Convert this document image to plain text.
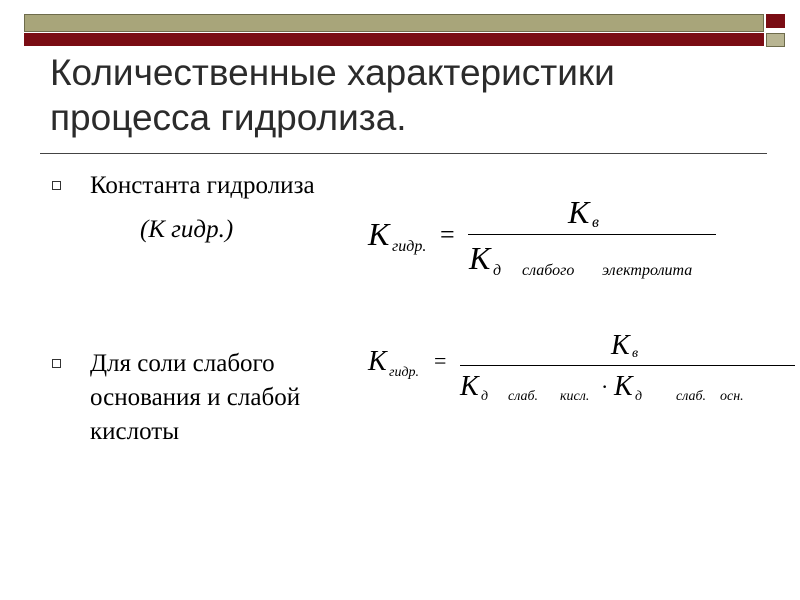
Количественные характеристики процесса гидролиза.
Константа гидролиза
(К гидр.)	К гидр. =
К в
К д слабого электролита
Для соли слабого основания и слабой кислоты
К гидр. =	К в
К д слаб. кисл. · К д слаб. осн.
